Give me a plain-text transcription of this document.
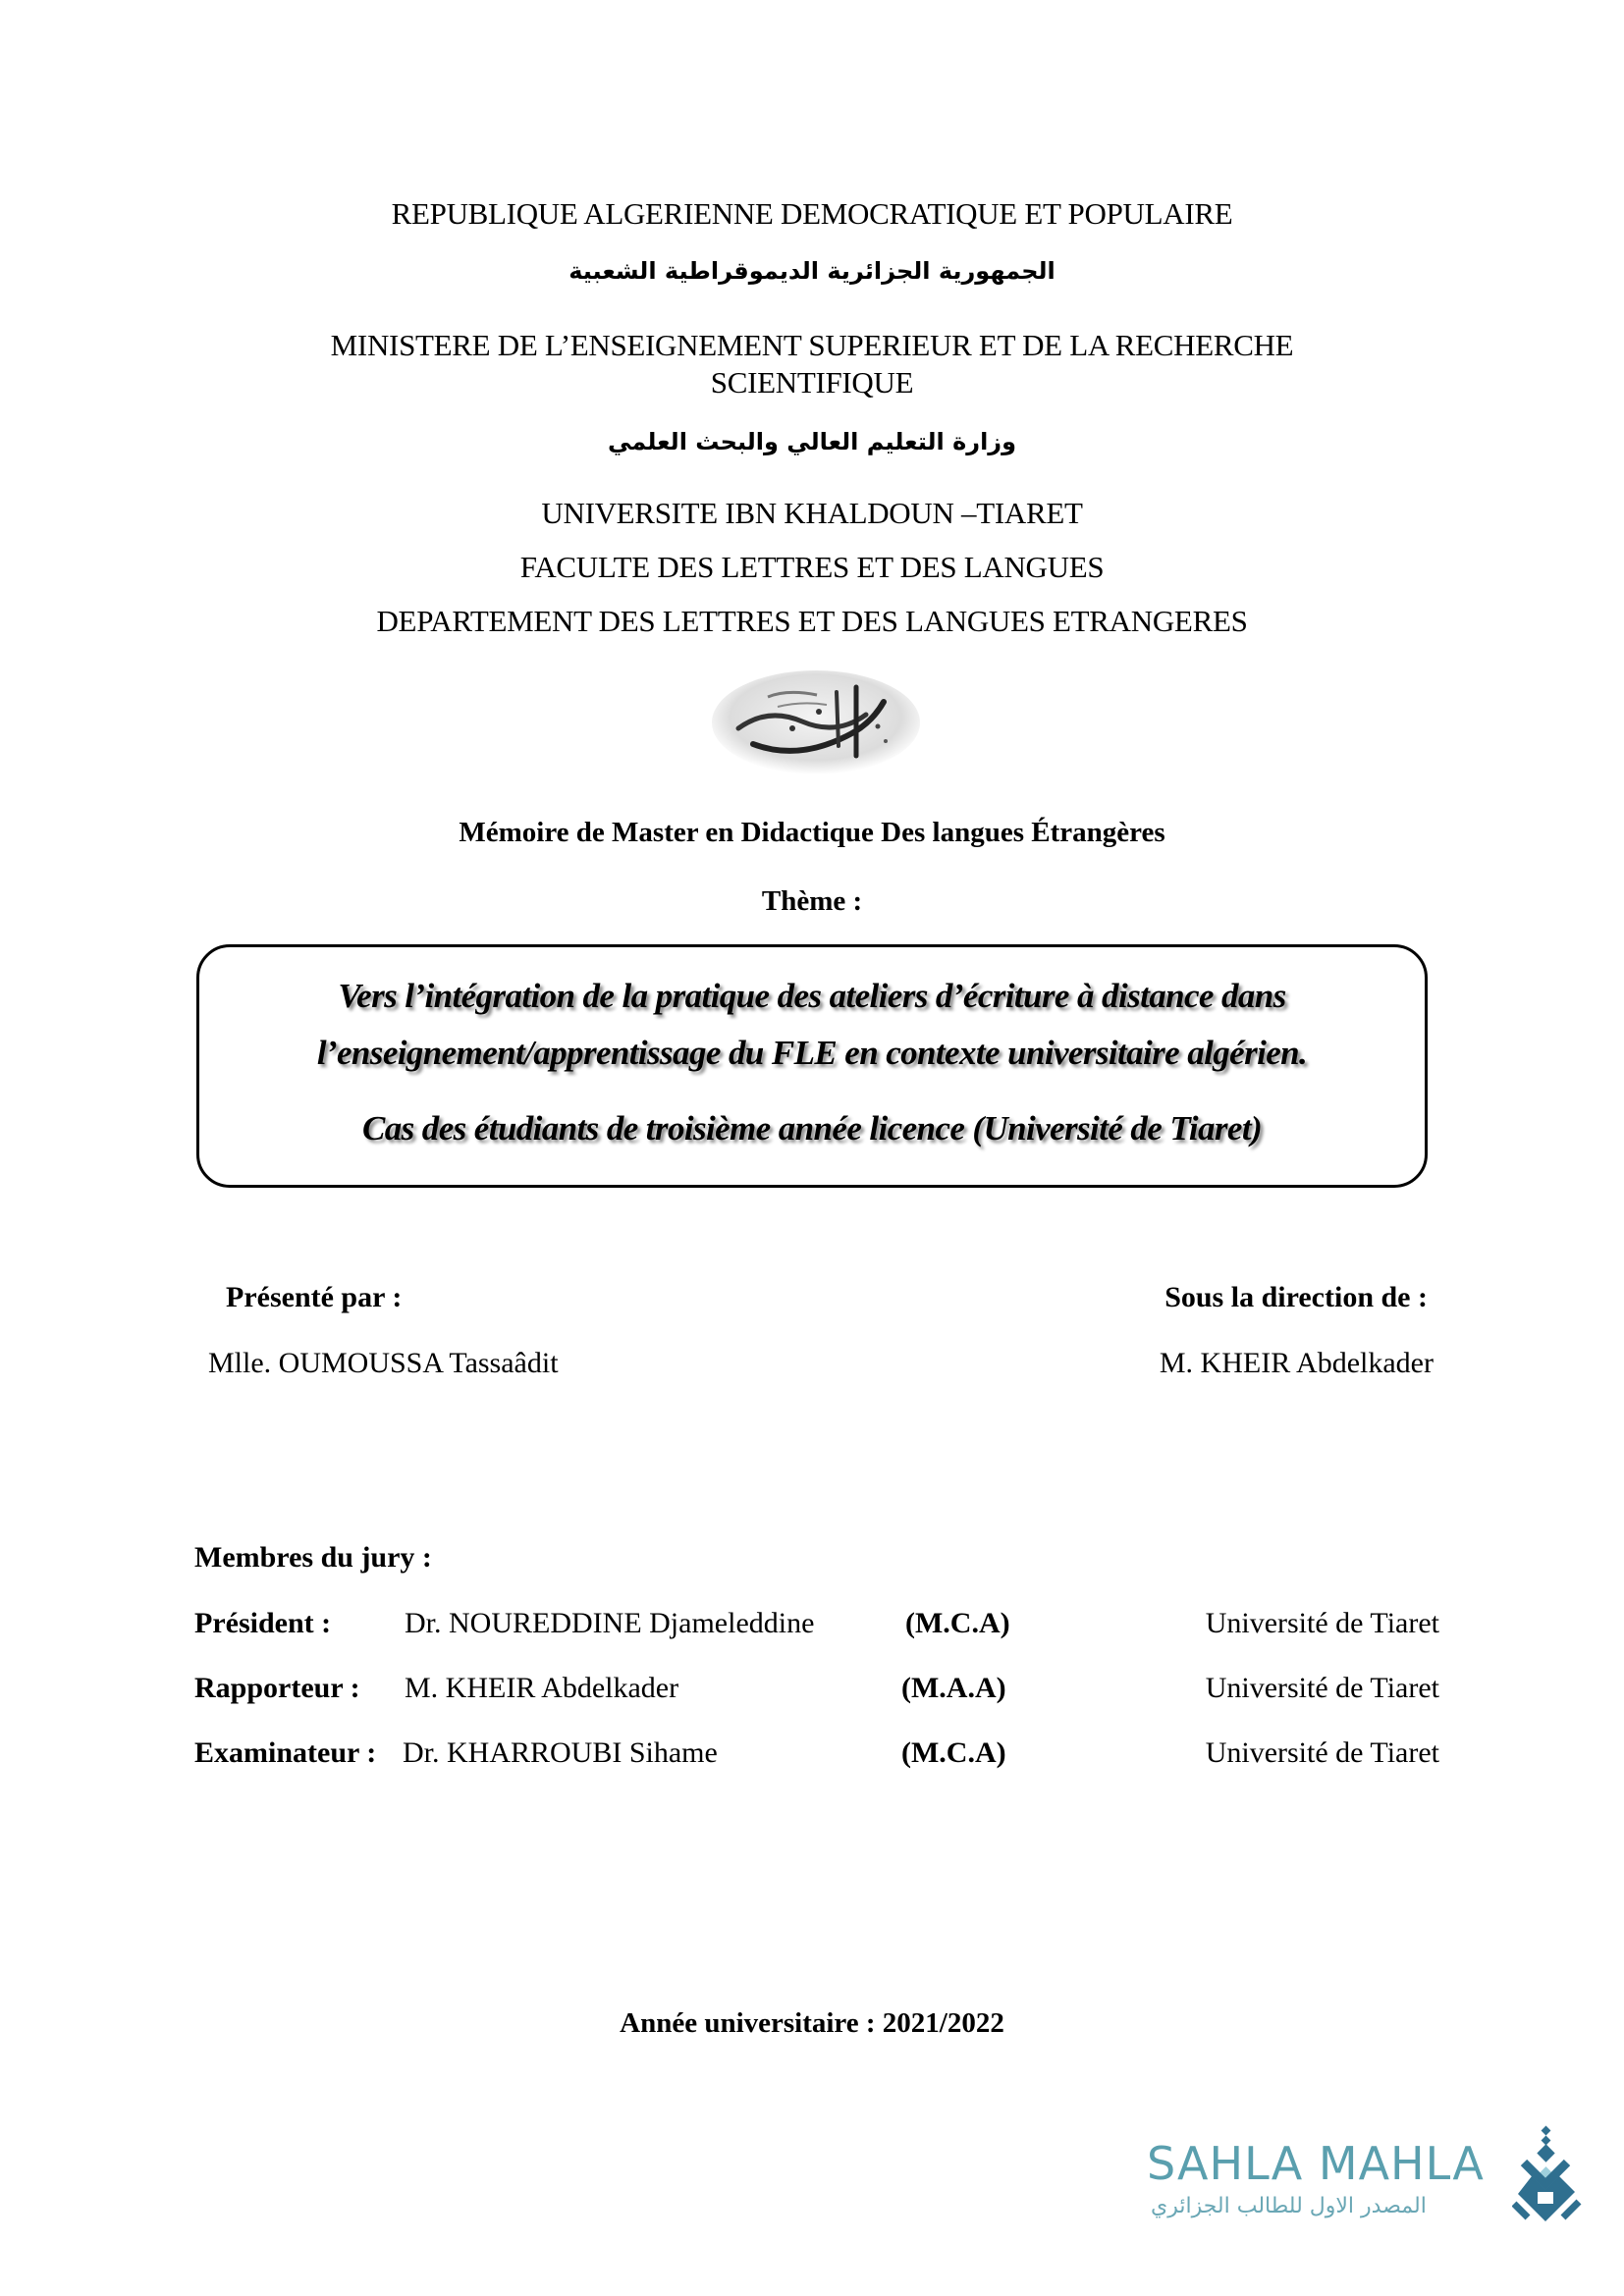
REPUBLIQUE ALGERIENNE DEMOCRATIQUE ET POPULAIRE
الجمهورية الجزائرية الديموقراطية الشعبية
MINISTERE DE L’ENSEIGNEMENT SUPERIEUR ET DE LA RECHERCHE
SCIENTIFIQUE
وزارة التعليم العالي والبحث العلمي
UNIVERSITE IBN KHALDOUN –TIARET
FACULTE DES LETTRES ET DES LANGUES
DEPARTEMENT DES LETTRES ET DES LANGUES ETRANGERES
Mémoire de Master en Didactique Des langues Étrangères
Thème :
Vers l’intégration de la pratique des ateliers d’écriture à distance dans
l’enseignement/apprentissage du FLE en contexte universitaire algérien.
Cas des étudiants de troisième année licence (Université de Tiaret)
Présenté par :
Mlle. OUMOUSSA Tassaâdit
Sous la direction de :
M. KHEIR Abdelkader
Membres du jury :
Président : Dr. NOUREDDINE Djameleddine	(M.C.A)	Université de Tiaret
Rapporteur : M. KHEIR Abdelkader	(M.A.A)	Université de Tiaret
Examinateur : Dr. KHARROUBI Sihame	(M.C.A)	Université de Tiaret
Année universitaire : 2021/2022
SAHLA MAHLA
المصدر الاول للطالب الجزائري
